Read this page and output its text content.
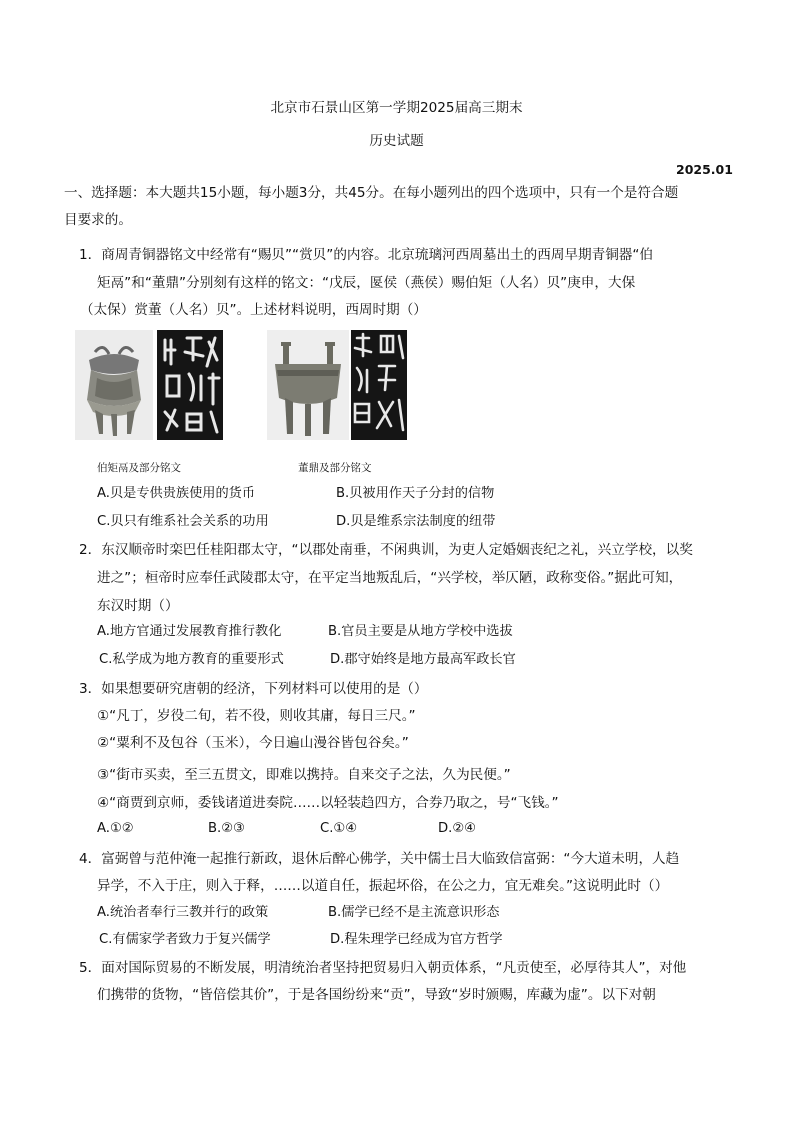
北京市石景山区第一学期2025届高三期末
历史试题
2025.01
一、选择题：本大题共15小题，每小题3分，共45分。在每小题列出的四个选项中，只有一个是符合题
目要求的。
1．商周青铜器铭文中经常有“赐贝”“赏贝”的内容。北京琉璃河西周墓出土的西周早期青铜器“伯
矩鬲”和“董鼎”分别刻有这样的铭文：“戊辰，匽侯（燕侯）赐伯矩（人名）贝”庚申，大保
（太保）赏董（人名）贝”。上述材料说明，西周时期（）
伯矩鬲及部分铭文	董鼎及部分铭文
A.贝是专供贵族使用的货币	B.贝被用作天子分封的信物
C.贝只有维系社会关系的功用	D.贝是维系宗法制度的纽带
2．东汉顺帝时栾巴任桂阳郡太守，“以郡处南垂，不闲典训，为吏人定婚姻丧纪之礼，兴立学校，以奖
进之”；桓帝时应奉任武陵郡太守，在平定当地叛乱后，“兴学校，举仄陋，政称变俗。”据此可知，
东汉时期（）
A.地方官通过发展教育推行教化	B.官员主要是从地方学校中选拔
C.私学成为地方教育的重要形式	D.郡守始终是地方最高军政长官
3．如果想要研究唐朝的经济，下列材料可以使用的是（）
①“凡丁，岁役二旬，若不役，则收其庸，每日三尺。”
②“粟利不及包谷（玉米），今日遍山漫谷皆包谷矣。”
③“街市买卖，至三五贯文，即难以携持。自来交子之法，久为民便。”
④“商贾到京师，委钱诸道进奏院……以轻装趋四方，合券乃取之，号“飞钱。”
A.①②	B.②③	C.①④	D.②④
4．富弼曾与范仲淹一起推行新政，退休后醉心佛学，关中儒士吕大临致信富弼：“今大道未明，人趋
异学，不入于庄，则入于释，……以道自任，振起坏俗，在公之力，宜无难矣。”这说明此时（）
A.统治者奉行三教并行的政策	B.儒学已经不是主流意识形态
C.有儒家学者致力于复兴儒学	D.程朱理学已经成为官方哲学
5．面对国际贸易的不断发展，明清统治者坚持把贸易归入朝贡体系，“凡贡使至，必厚待其人”，对他
们携带的货物，“皆倍偿其价”，于是各国纷纷来“贡”，导致“岁时颁赐，库藏为虚”。以下对朝
